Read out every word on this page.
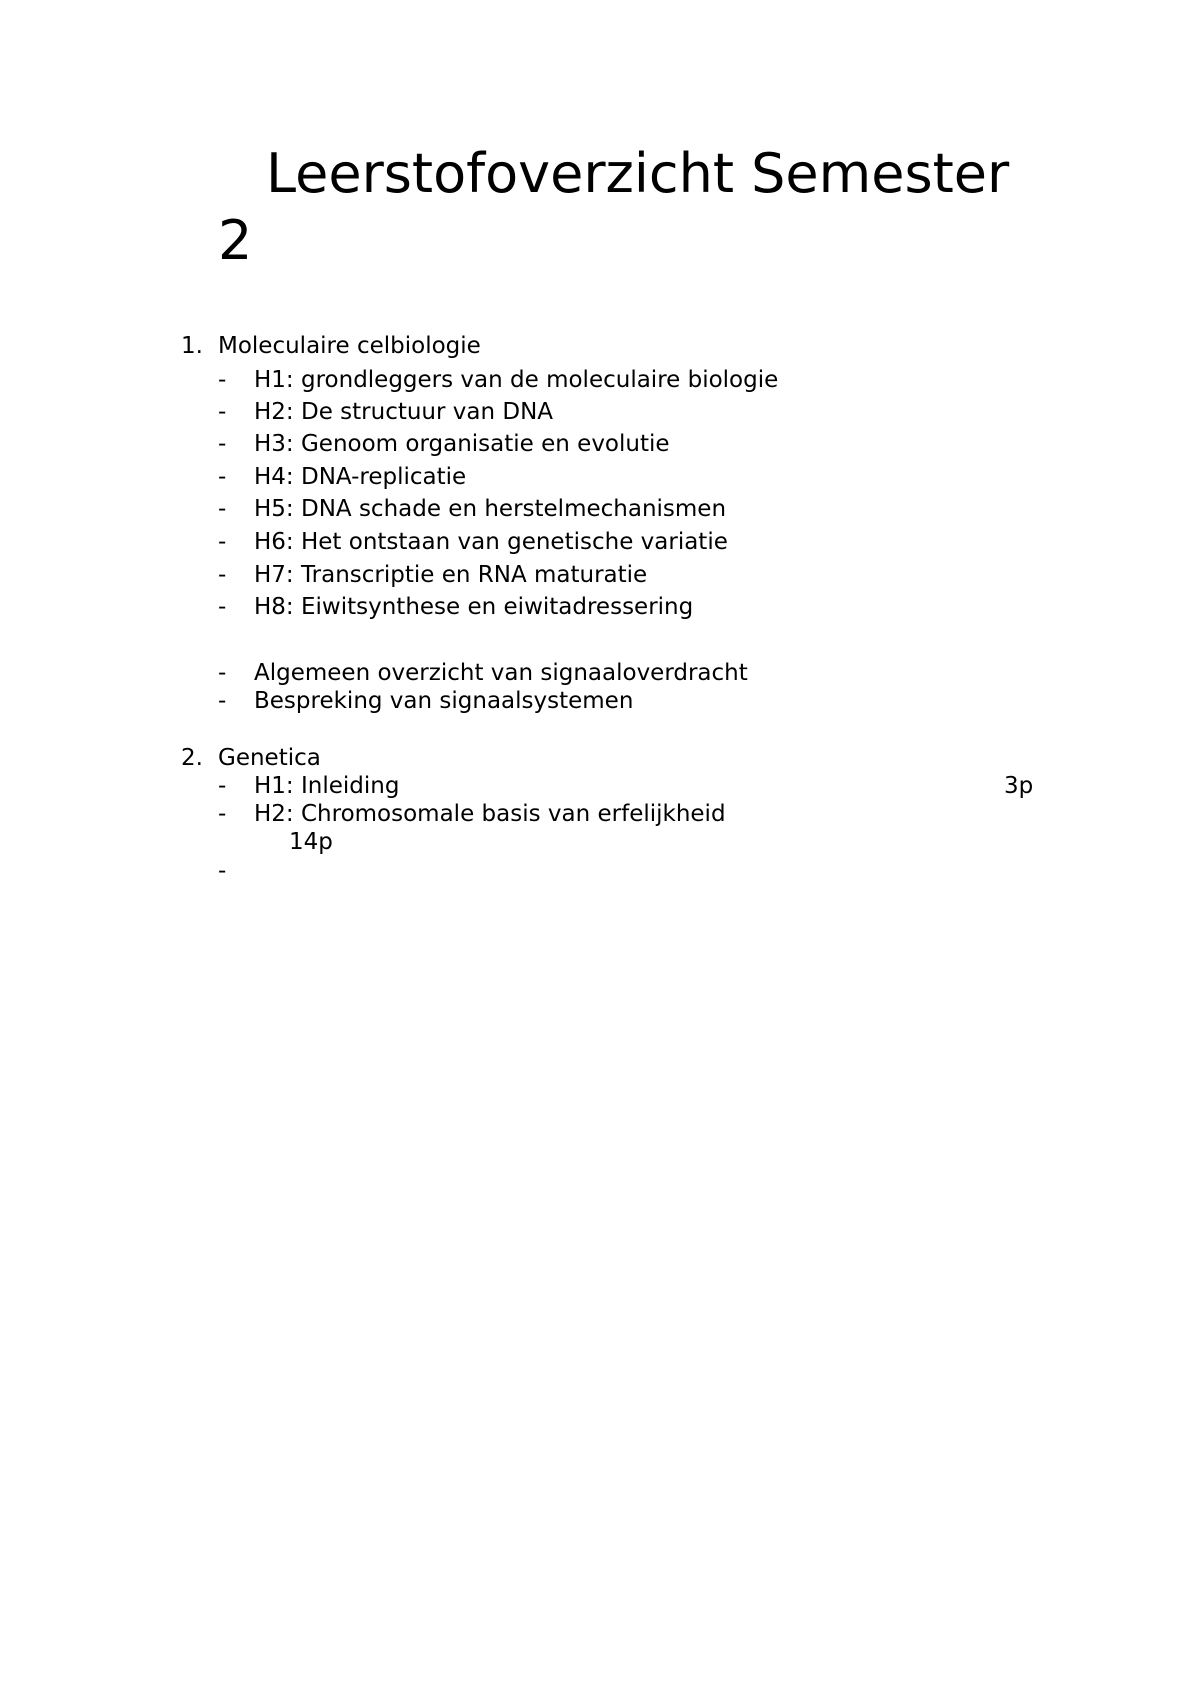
Leerstofoverzicht Semester 2
1. Moleculaire celbiologie
- H1: grondleggers van de moleculaire biologie
- H2: De structuur van DNA
- H3: Genoom organisatie en evolutie
- H4: DNA-replicatie
- H5: DNA schade en herstelmechanismen
- H6: Het ontstaan van genetische variatie
- H7: Transcriptie en RNA maturatie
- H8: Eiwitsynthese en eiwitadressering
- Algemeen overzicht van signaaloverdracht
- Bespreking van signaalsystemen
2. Genetica
- H1: Inleiding	3p
- H2: Chromosomale basis van erfelijkheid
14p
-
